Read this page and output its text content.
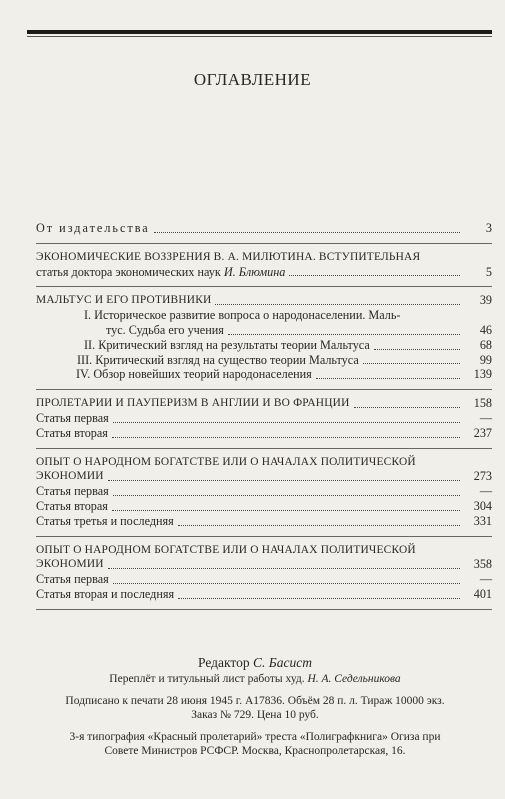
ОГЛАВЛЕНИЕ
От издательства	3
ЭКОНОМИЧЕСКИЕ ВОЗЗРЕНИЯ В. А. МИЛЮТИНА. ВСТУПИТЕЛЬНАЯ
статья доктора экономических наук И. Блюмина	5
МАЛЬТУС И ЕГО ПРОТИВНИКИ	39
I. Историческое развитие вопроса о народонаселении. Маль-
тус. Судьба его учения	46
II. Критический взгляд на результаты теории Мальтуса	68
III. Критический взгляд на существо теории Мальтуса	99
IV. Обзор новейших теорий народонаселения	139
ПРОЛЕТАРИИ И ПАУПЕРИЗМ В АНГЛИИ И ВО ФРАНЦИИ	158
Статья первая	—
Статья вторая	237
ОПЫТ О НАРОДНОМ БОГАТСТВЕ ИЛИ О НАЧАЛАХ ПОЛИТИЧЕСКОЙ
ЭКОНОМИИ	273
Статья первая	—
Статья вторая	304
Статья третья и последняя	331
ОПЫТ О НАРОДНОМ БОГАТСТВЕ ИЛИ О НАЧАЛАХ ПОЛИТИЧЕСКОЙ
ЭКОНОМИИ	358
Статья первая	—
Статья вторая и последняя	401
Редактор С. Басист
Переплёт и титульный лист работы худ. Н. А. Седельникова
Подписано к печати 28 июня 1945 г. А17836. Объём 28 п. л. Тираж 10000 экз.
Заказ № 729. Цена 10 руб.
3-я типография «Красный пролетарий» треста «Полиграфкнига» Огиза при
Совете Министров РСФСР. Москва, Краснопролетарская, 16.
